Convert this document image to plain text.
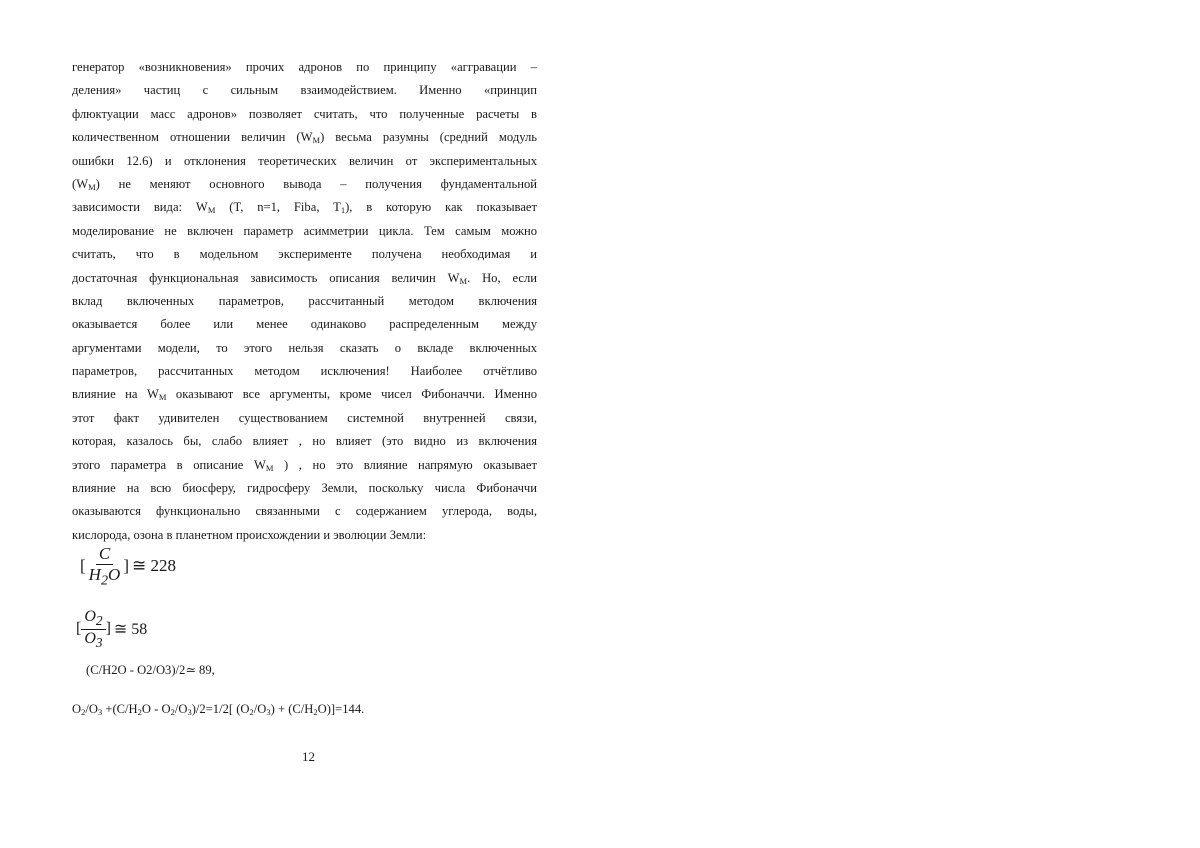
генератор «возникновения» прочих адронов по принципу «аггравации –
деления» частиц с сильным взаимодействием. Именно «принцип
флюктуации масс адронов» позволяет считать, что полученные расчеты в
количественном отношении величин $(W_M)$ весьма разумны (средний модуль
ошибки 12.6) и отклонения теоретических величин от экспериментальных
$(W_M)$ не меняют основного вывода – получения фундаментальной
зависимости вида: $W_M$ (T, n=1, Fiba, $T_1$), в которую как показывает
моделирование не включен параметр асимметрии цикла. Тем самым можно
считать, что в модельном эксперименте получена необходимая и
достаточная функциональная зависимость описания величин $W_M$. Но, если
вклад включенных параметров, рассчитанный методом включения
оказывается более или менее одинаково распределенным между
аргументами модели, то этого нельзя сказать о вкладе включенных
параметров, рассчитанных методом исключения! Наиболее отчётливо
влияние на $W_M$ оказывают все аргументы, кроме чисел Фибоначчи. Именно
этот факт удивителен существованием системной внутренней связи,
которая, казалось бы, слабо влияет , но влияет (это видно из включения
этого параметра в описание $W_M$ ) , но это влияние напрямую оказывает
влияние на всю биосферу, гидросферу Земли, поскольку числа Фибоначчи
оказываются функционально связанными с содержанием углерода, воды,
кислорода, озона в планетном происхождении и эволюции Земли:
[ $\frac{C}{H_2O}$ ] ≅ 228
[ $\frac{O_2}{O_3}$ ] ≅ 58
(C/H2O - O2/O3)/2≃ 89,
$O_2/O_3 +(C/H_2O - O_2/O_3)/2=1/2$[ $(O_2/O_3) + (C/H_2O)]=144$.
12
